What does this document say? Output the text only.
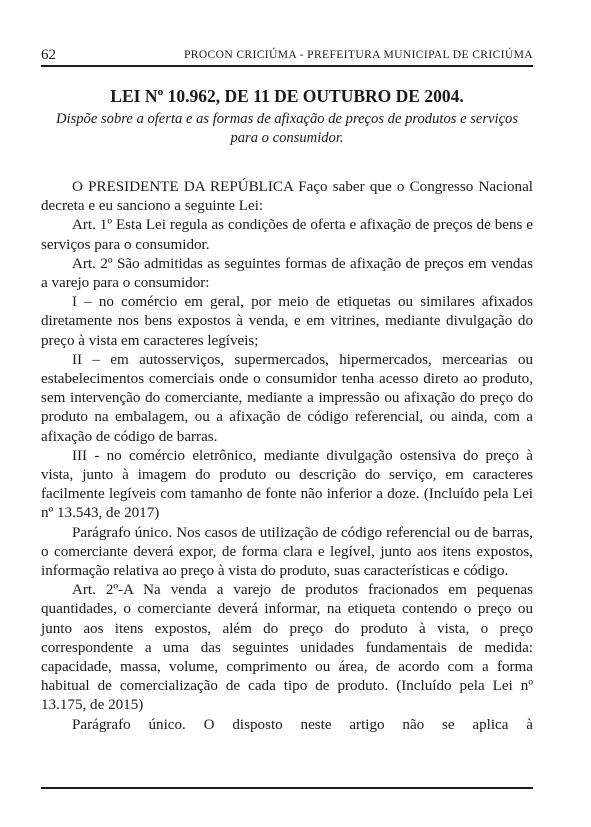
62	PROCON CRICIÚMA - PREFEITURA MUNICIPAL DE CRICIÚMA
LEI Nº 10.962, DE 11 DE OUTUBRO DE 2004.

Dispõe sobre a oferta e as formas de afixação de preços de produtos e serviços para o consumidor.

O PRESIDENTE DA REPÚBLICA Faço saber que o Congresso Nacional decreta e eu sanciono a seguinte Lei:

Art. 1º Esta Lei regula as condições de oferta e afixação de preços de bens e serviços para o consumidor.

Art. 2º São admitidas as seguintes formas de afixação de preços em vendas a varejo para o consumidor:

I – no comércio em geral, por meio de etiquetas ou similares afixados diretamente nos bens expostos à venda, e em vitrines, mediante divulgação do preço à vista em caracteres legíveis;

II – em autosserviços, supermercados, hipermercados, mercearias ou estabelecimentos comerciais onde o consumidor tenha acesso direto ao produto, sem intervenção do comerciante, mediante a impressão ou afixação do preço do produto na embalagem, ou a afixação de código referencial, ou ainda, com a afixação de código de barras.

III - no comércio eletrônico, mediante divulgação ostensiva do preço à vista, junto à imagem do produto ou descrição do serviço, em caracteres facilmente legíveis com tamanho de fonte não inferior a doze. (Incluído pela Lei nº 13.543, de 2017)

Parágrafo único. Nos casos de utilização de código referencial ou de barras, o comerciante deverá expor, de forma clara e legível, junto aos itens expostos, informação relativa ao preço à vista do produto, suas características e código.

Art. 2º-A Na venda a varejo de produtos fracionados em pequenas quantidades, o comerciante deverá informar, na etiqueta contendo o preço ou junto aos itens expostos, além do preço do produto à vista, o preço correspondente a uma das seguintes unidades fundamentais de medida: capacidade, massa, volume, comprimento ou área, de acordo com a forma habitual de comercialização de cada tipo de produto. (Incluído pela Lei nº 13.175, de 2015)

Parágrafo único. O disposto neste artigo não se aplica à
